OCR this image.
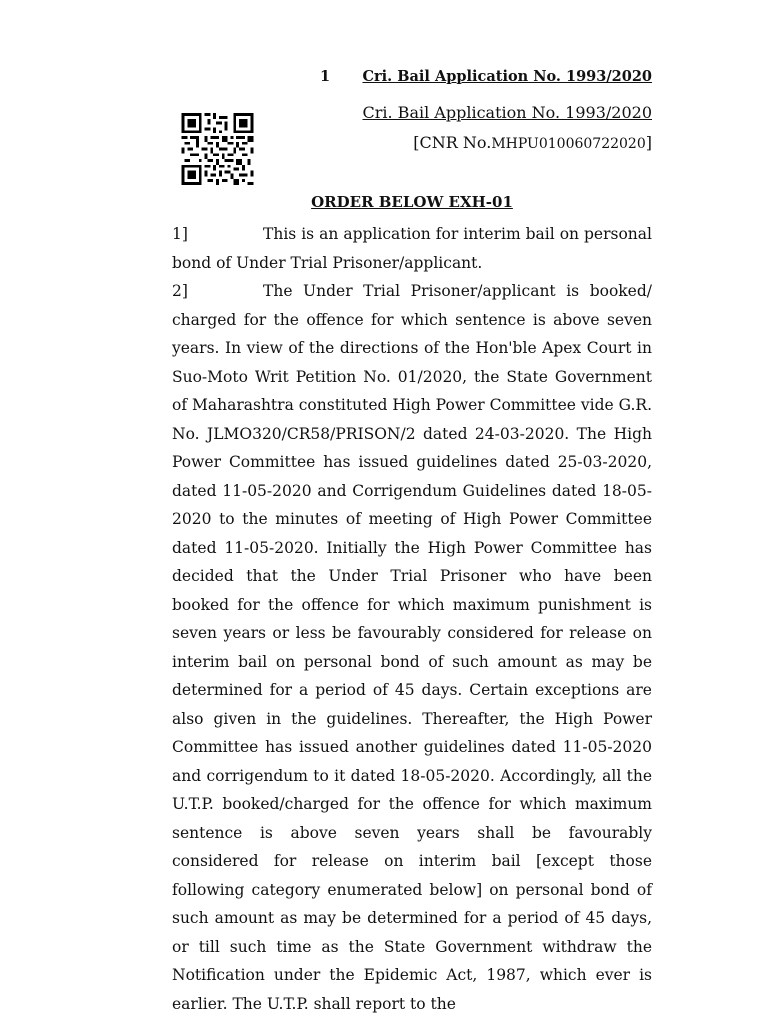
1 Cri. Bail Application No. 1993/2020
Cri. Bail Application No. 1993/2020
[CNR No.MHPU010060722020]
ORDER BELOW EXH-01

1]	This is an application for interim bail on personal bond of Under Trial Prisoner/applicant.

2]	The Under Trial Prisoner/applicant is booked/ charged for the offence for which sentence is above seven years. In view of the directions of the Hon'ble Apex Court in Suo-Moto Writ Petition No. 01/2020, the State Government of Maharashtra constituted High Power Committee vide G.R. No. JLMO320/CR58/PRISON/2 dated 24-03-2020. The High Power Committee has issued guidelines dated 25-03-2020, dated 11-05-2020 and Corrigendum Guidelines dated 18-05-2020 to the minutes of meeting of High Power Committee dated 11-05-2020. Initially the High Power Committee has decided that the Under Trial Prisoner who have been booked for the offence for which maximum punishment is seven years or less be favourably considered for release on interim bail on personal bond of such amount as may be determined for a period of 45 days. Certain exceptions are also given in the guidelines. Thereafter, the High Power Committee has issued another guidelines dated 11-05-2020 and corrigendum to it dated 18-05-2020. Accordingly, all the U.T.P. booked/charged for the offence for which maximum sentence is above seven years shall be favourably considered for release on interim bail [except those following category enumerated below] on personal bond of such amount as may be determined for a period of 45 days, or till such time as the State Government withdraw the Notification under the Epidemic Act, 1987, which ever is earlier. The U.T.P. shall report to the
